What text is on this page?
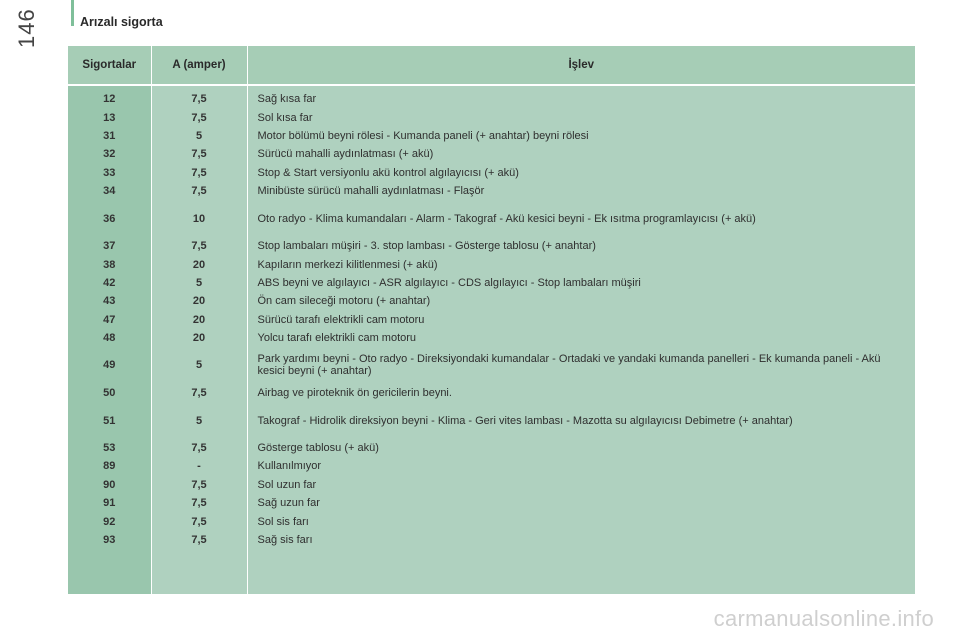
Arızalı sigorta
146
Sigortalar	A (amper)	İşlev

12	7,5	Sağ kısa far
13	7,5	Sol kısa far
31	5	Motor bölümü beyni rölesi - Kumanda paneli (+ anahtar) beyni rölesi
32	7,5	Sürücü mahalli aydınlatması (+ akü)
33	7,5	Stop & Start versiyonlu akü kontrol algılayıcısı (+ akü)
34	7,5	Minibüste sürücü mahalli aydınlatması - Flaşör
36	10	Oto radyo - Klima kumandaları - Alarm - Takograf - Akü kesici beyni - Ek ısıtma programlayıcısı (+ akü)
37	7,5	Stop lambaları müşiri - 3. stop lambası - Gösterge tablosu (+ anahtar)
38	20	Kapıların merkezi kilitlenmesi (+ akü)
42	5	ABS beyni ve algılayıcı - ASR algılayıcı - CDS algılayıcı - Stop lambaları müşiri
43	20	Ön cam sileceği motoru (+ anahtar)
47	20	Sürücü tarafı elektrikli cam motoru
48	20	Yolcu tarafı elektrikli cam motoru
49	5	Park yardımı beyni - Oto radyo - Direksiyondaki kumandalar - Ortadaki ve yandaki kumanda panelleri - Ek kumanda paneli - Akü kesici beyni (+ anahtar)
50	7,5	Airbag ve piroteknik ön gericilerin beyni.
51	5	Takograf - Hidrolik direksiyon beyni - Klima - Geri vites lambası - Mazotta su algılayıcısı Debimetre (+ anahtar)
53	7,5	Gösterge tablosu (+ akü)
89	-	Kullanılmıyor
90	7,5	Sol uzun far
91	7,5	Sağ uzun far
92	7,5	Sol sis farı
93	7,5	Sağ sis farı

carmanualsonline.info
